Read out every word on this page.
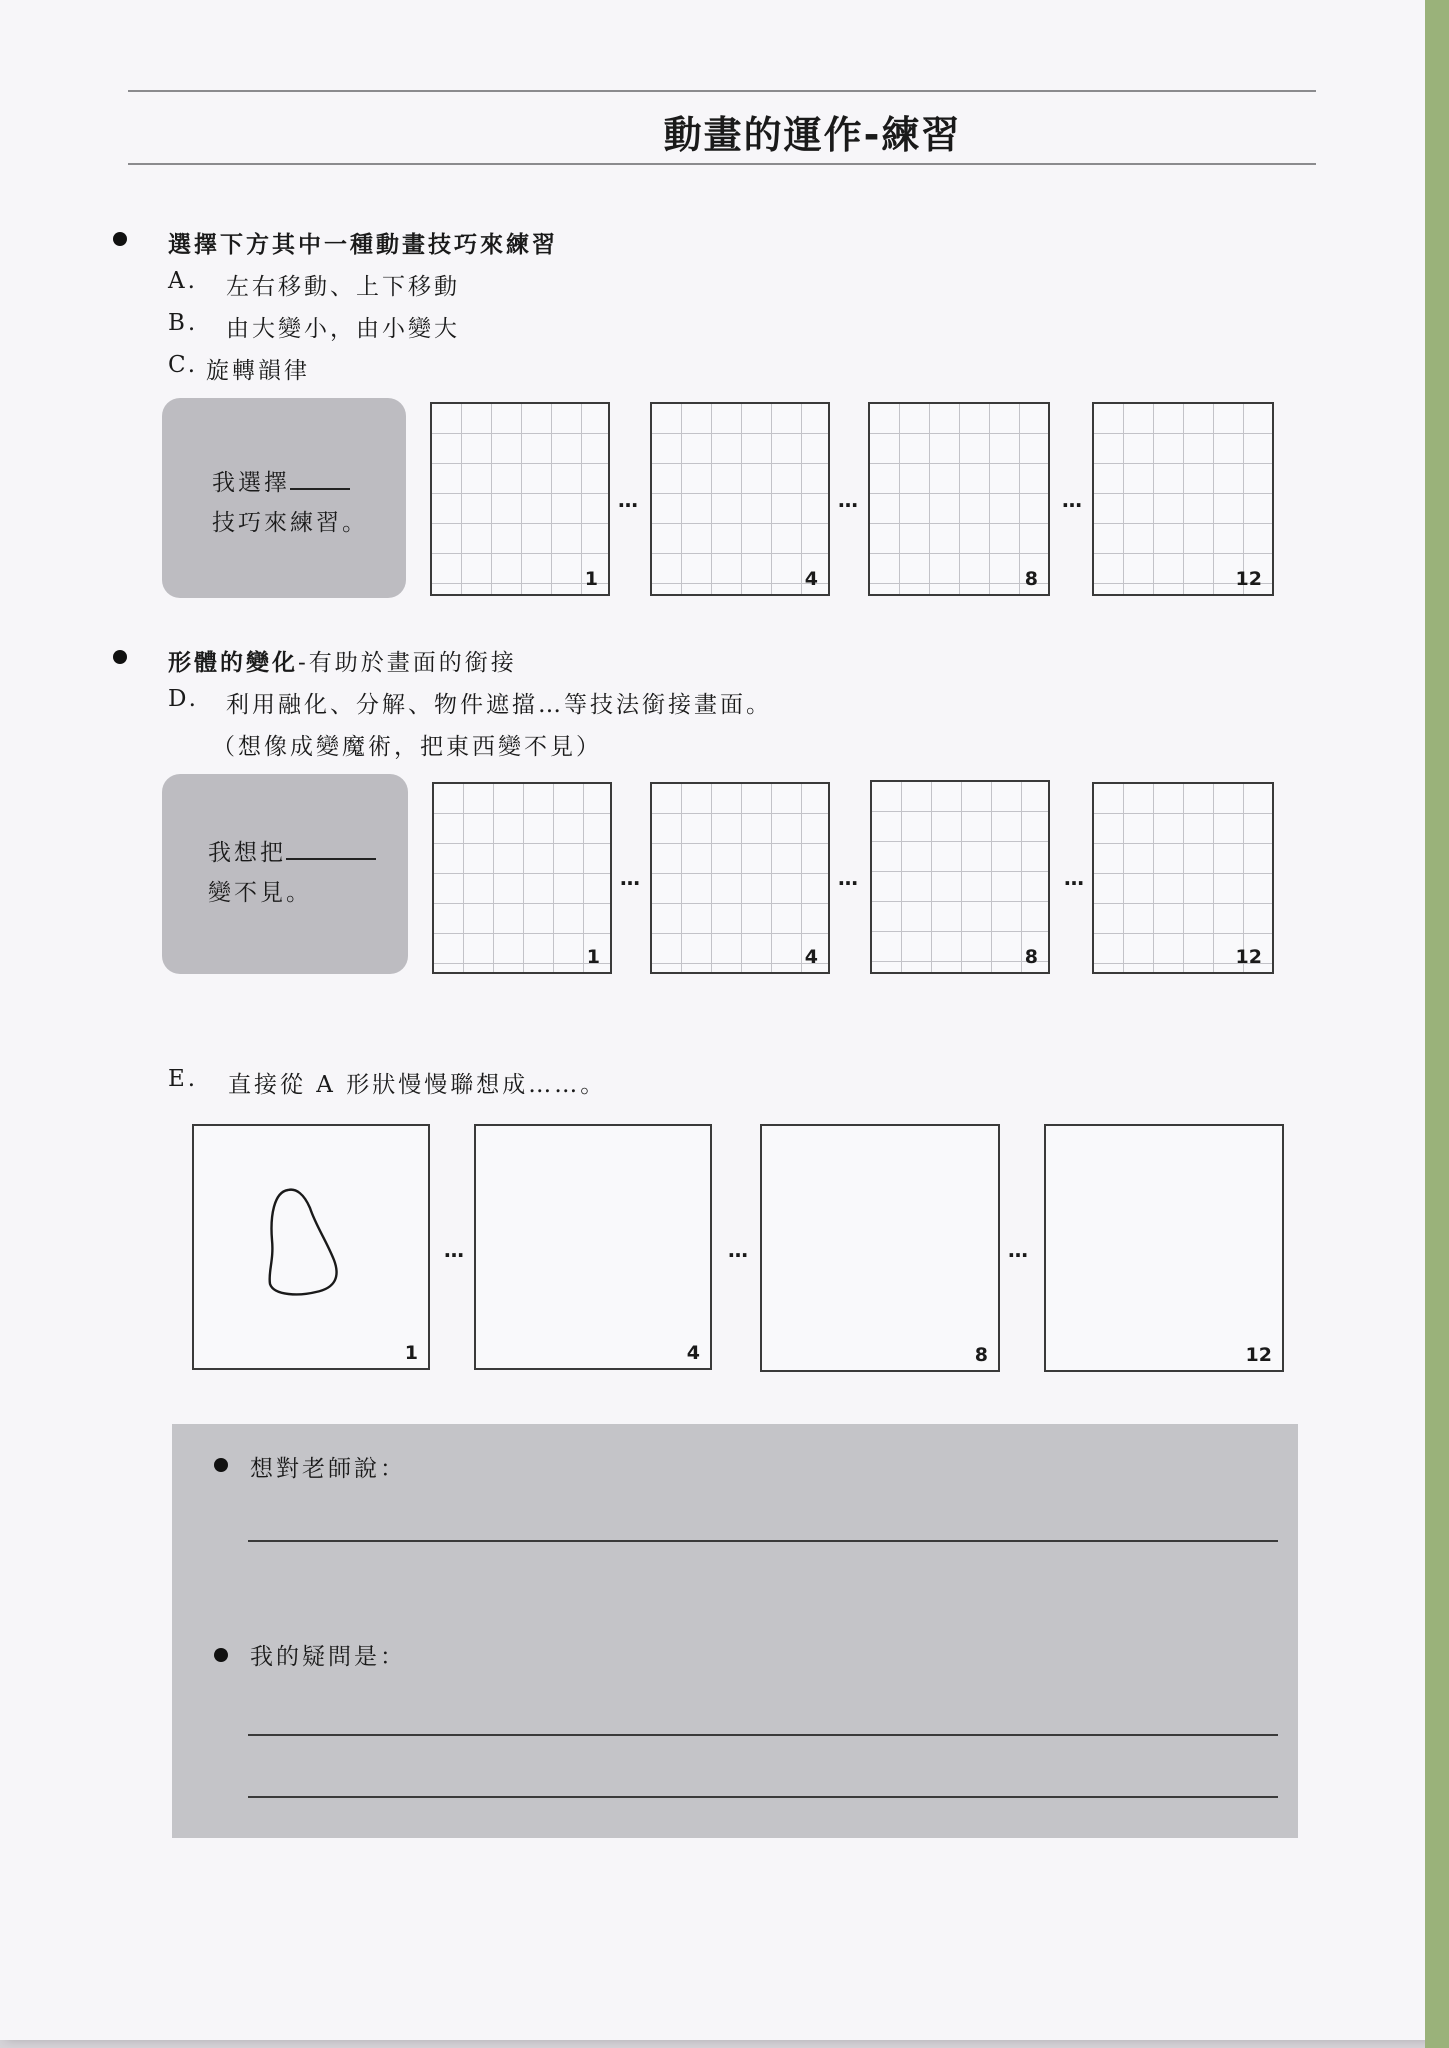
動畫的運作-練習
選擇下方其中一種動畫技巧來練習
A. 左右移動、上下移動
B. 由大變小，由小變大
C. 旋轉韻律
我選擇
技巧來練習。
1
…
4
…
8
…
12
形體的變化-有助於畫面的銜接
D. 利用融化、分解、物件遮擋…等技法銜接畫面。
（想像成變魔術，把東西變不見）
我想把
變不見。
1
…
4
…
8
…
12
E. 直接從 A 形狀慢慢聯想成……。
1
…
4
…
8
…
12
想對老師說：
我的疑問是：
